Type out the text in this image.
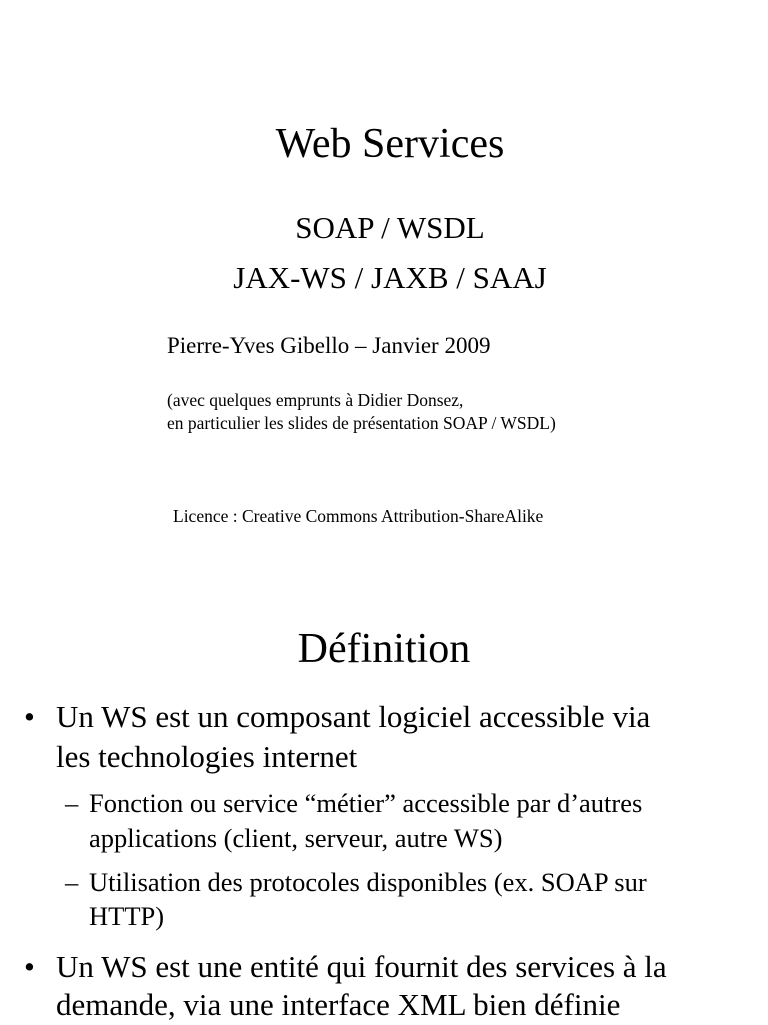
Web Services
SOAP / WSDL
JAX-WS / JAXB / SAAJ
Pierre-Yves Gibello – Janvier 2009
(avec quelques emprunts à Didier Donsez,
en particulier les slides de présentation SOAP / WSDL)
Licence : Creative Commons Attribution-ShareAlike
Définition
• Un WS est un composant logiciel accessible via
les technologies internet
– Fonction ou service “métier” accessible par d’autres
applications (client, serveur, autre WS)
– Utilisation des protocoles disponibles (ex. SOAP sur
HTTP)
• Un WS est une entité qui fournit des services à la
demande, via une interface XML bien définie
